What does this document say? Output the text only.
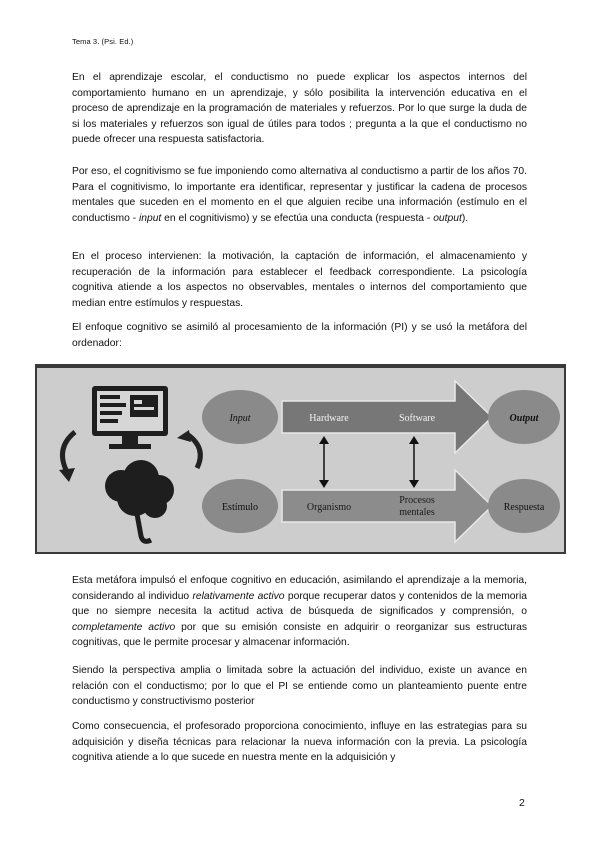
Tema 3. (Psi. Ed.)

En el aprendizaje escolar, el conductismo no puede explicar los aspectos internos del comportamiento humano en un aprendizaje, y sólo posibilita la intervención educativa en el proceso de aprendizaje en la programación de materiales y refuerzos. Por lo que surge la duda de si los materiales y refuerzos son igual de útiles para todos ; pregunta a la que el conductismo no puede ofrecer una respuesta satisfactoria.

Por eso, el cognitivismo se fue imponiendo como alternativa al conductismo a partir de los años 70. Para el cognitivismo, lo importante era identificar, representar y justificar la cadena de procesos mentales que suceden en el momento en el que alguien recibe una información (estímulo en el conductismo - input en el cognitivismo) y se efectúa una conducta (respuesta - output).

En el proceso intervienen: la motivación, la captación de información, el almacenamiento y recuperación de la información para establecer el feedback correspondiente. La psicología cognitiva atiende a los aspectos no observables, mentales o internos del comportamiento que median entre estímulos y respuestas.

El enfoque cognitivo se asimiló al procesamiento de la información (PI) y se usó la metáfora del ordenador:

Input	Hardware	Software	Output
Estímulo	Organismo
Procesos
mentales	Respuesta

Esta metáfora impulsó el enfoque cognitivo en educación, asimilando el aprendizaje a la memoria, considerando al individuo relativamente activo porque recuperar datos y contenidos de la memoria que no siempre necesita la actitud activa de búsqueda de significados y comprensión, o completamente activo por que su emisión consiste en adquirir o reorganizar sus estructuras cognitivas, que le permite procesar y almacenar información.

Siendo la perspectiva amplia o limitada sobre la actuación del individuo, existe un avance en relación con el conductismo; por lo que el PI se entiende como un planteamiento puente entre conductismo y constructivismo posterior

Como consecuencia, el profesorado proporciona conocimiento, influye en las estrategias para su adquisición y diseña técnicas para relacionar la nueva información con la previa. La psicología cognitiva atiende a lo que sucede en nuestra mente en la adquisición y

2
